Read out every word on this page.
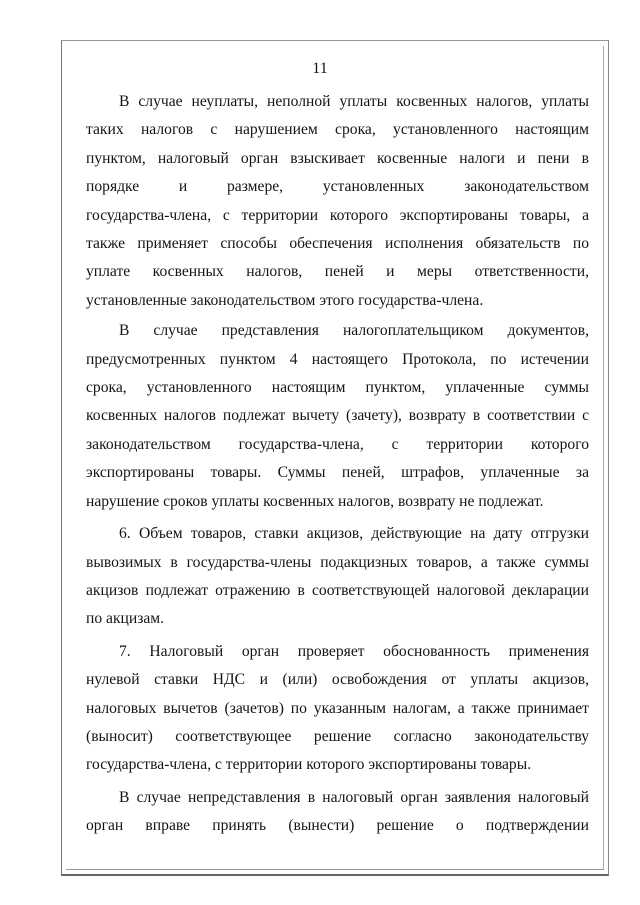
11

В случае неуплаты, неполной уплаты косвенных налогов, уплаты
таких налогов с нарушением срока, установленного настоящим
пунктом, налоговый орган взыскивает косвенные налоги и пени в
порядке и размере, установленных законодательством
государства-члена, с территории которого экспортированы товары, а
также применяет способы обеспечения исполнения обязательств по
уплате косвенных налогов, пеней и меры ответственности,
установленные законодательством этого государства-члена.

В случае представления налогоплательщиком документов,
предусмотренных пунктом 4 настоящего Протокола, по истечении
срока, установленного настоящим пунктом, уплаченные суммы
косвенных налогов подлежат вычету (зачету), возврату в соответствии с
законодательством государства-члена, с территории которого
экспортированы товары. Суммы пеней, штрафов, уплаченные за
нарушение сроков уплаты косвенных налогов, возврату не подлежат.

6. Объем товаров, ставки акцизов, действующие на дату отгрузки
вывозимых в государства-члены подакцизных товаров, а также суммы
акцизов подлежат отражению в соответствующей налоговой декларации
по акцизам.

7. Налоговый орган проверяет обоснованность применения
нулевой ставки НДС и (или) освобождения от уплаты акцизов,
налоговых вычетов (зачетов) по указанным налогам, а также принимает
(выносит) соответствующее решение согласно законодательству
государства-члена, с территории которого экспортированы товары.

В случае непредставления в налоговый орган заявления налоговый
орган вправе принять (вынести) решение о подтверждении
